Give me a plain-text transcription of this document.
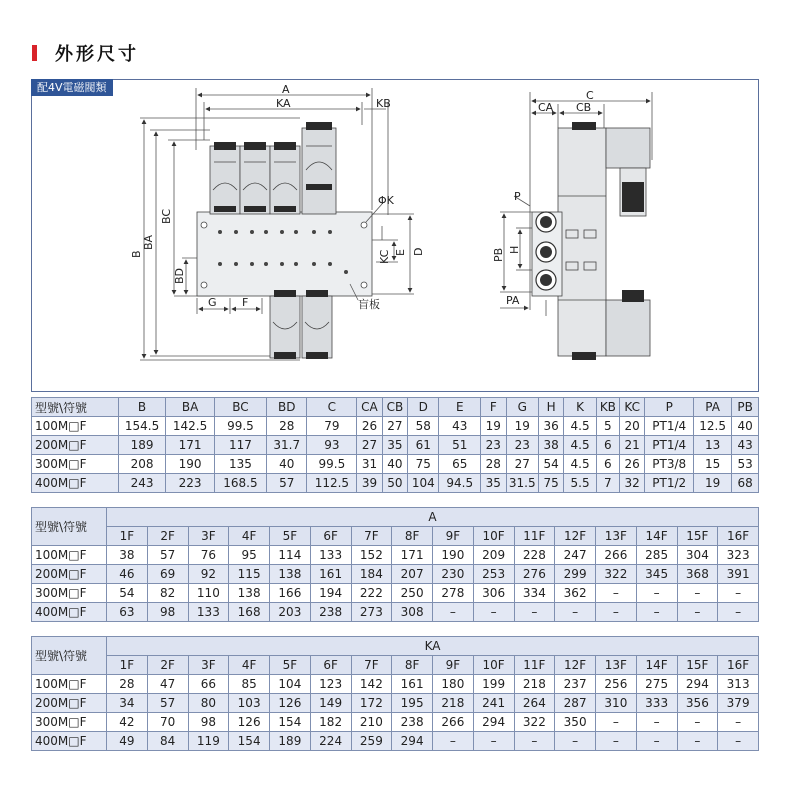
外形尺寸
配4V電磁閥類	A
KA	KB
B
BA
BC
BD
G F
ΦK
KC E D
盲板
C
CA CB
P
PB H
PA
型號\符號	B	BA	BC	BD	C	CA	CB	D	E	F	G	H	K	KB	KC	P	PA	PB
100M□F	154.5	142.5	99.5	28	79	26	27	58	43	19	19	36	4.5	5	20	PT1/4	12.5	40
200M□F	189	171	117	31.7	93	27	35	61	51	23	23	38	4.5	6	21	PT1/4	13	43
300M□F	208	190	135	40	99.5	31	40	75	65	28	27	54	4.5	6	26	PT3/8	15	53
400M□F	243	223	168.5	57	112.5	39	50	104	94.5	35	31.5	75	5.5	7	32	PT1/2	19	68
型號\符號	A															
	1F	2F	3F	4F	5F	6F	7F	8F	9F	10F	11F	12F	13F	14F	15F	16F
100M□F	38	57	76	95	114	133	152	171	190	209	228	247	266	285	304	323
200M□F	46	69	92	115	138	161	184	207	230	253	276	299	322	345	368	391
300M□F	54	82	110	138	166	194	222	250	278	306	334	362	–	–	–	–
400M□F	63	98	133	168	203	238	273	308	–	–	–	–	–	–	–	–
型號\符號	KA															
	1F	2F	3F	4F	5F	6F	7F	8F	9F	10F	11F	12F	13F	14F	15F	16F
100M□F	28	47	66	85	104	123	142	161	180	199	218	237	256	275	294	313
200M□F	34	57	80	103	126	149	172	195	218	241	264	287	310	333	356	379
300M□F	42	70	98	126	154	182	210	238	266	294	322	350	–	–	–	–
400M□F	49	84	119	154	189	224	259	294	–	–	–	–	–	–	–	–
